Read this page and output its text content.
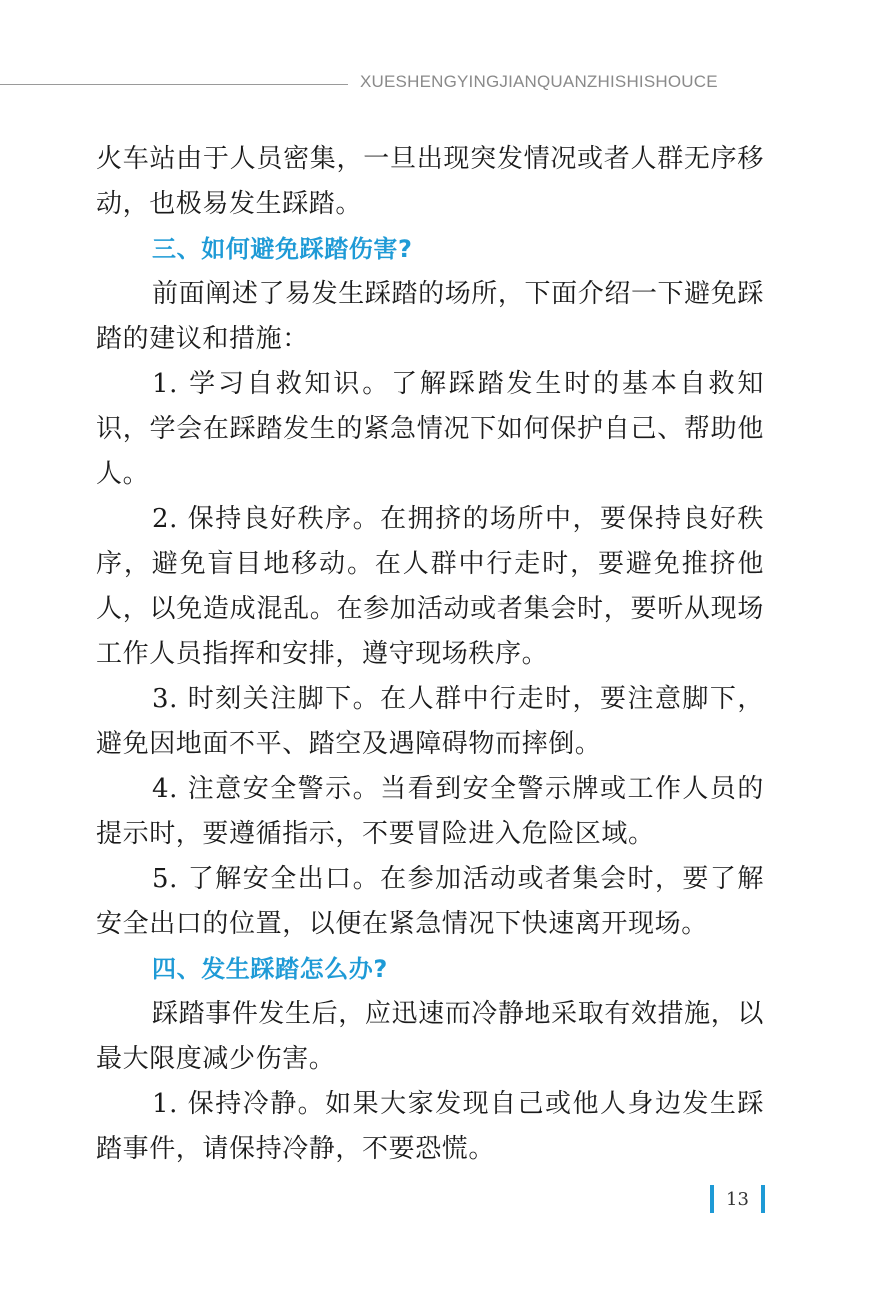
XUESHENGYINGJIANQUANZHISHISHOUCE

火车站由于人员密集，一旦出现突发情况或者人群无序移动，也极易发生踩踏。

三、如何避免踩踏伤害?

前面阐述了易发生踩踏的场所，下面介绍一下避免踩踏的建议和措施：

1. 学习自救知识。了解踩踏发生时的基本自救知识，学会在踩踏发生的紧急情况下如何保护自己、帮助他人。

2. 保持良好秩序。在拥挤的场所中，要保持良好秩序，避免盲目地移动。在人群中行走时，要避免推挤他人，以免造成混乱。在参加活动或者集会时，要听从现场工作人员指挥和安排，遵守现场秩序。

3. 时刻关注脚下。在人群中行走时，要注意脚下，避免因地面不平、踏空及遇障碍物而摔倒。

4. 注意安全警示。当看到安全警示牌或工作人员的提示时，要遵循指示，不要冒险进入危险区域。

5. 了解安全出口。在参加活动或者集会时，要了解安全出口的位置，以便在紧急情况下快速离开现场。

四、发生踩踏怎么办?

踩踏事件发生后，应迅速而冷静地采取有效措施，以最大限度减少伤害。

1. 保持冷静。如果大家发现自己或他人身边发生踩踏事件，请保持冷静，不要恐慌。

13
